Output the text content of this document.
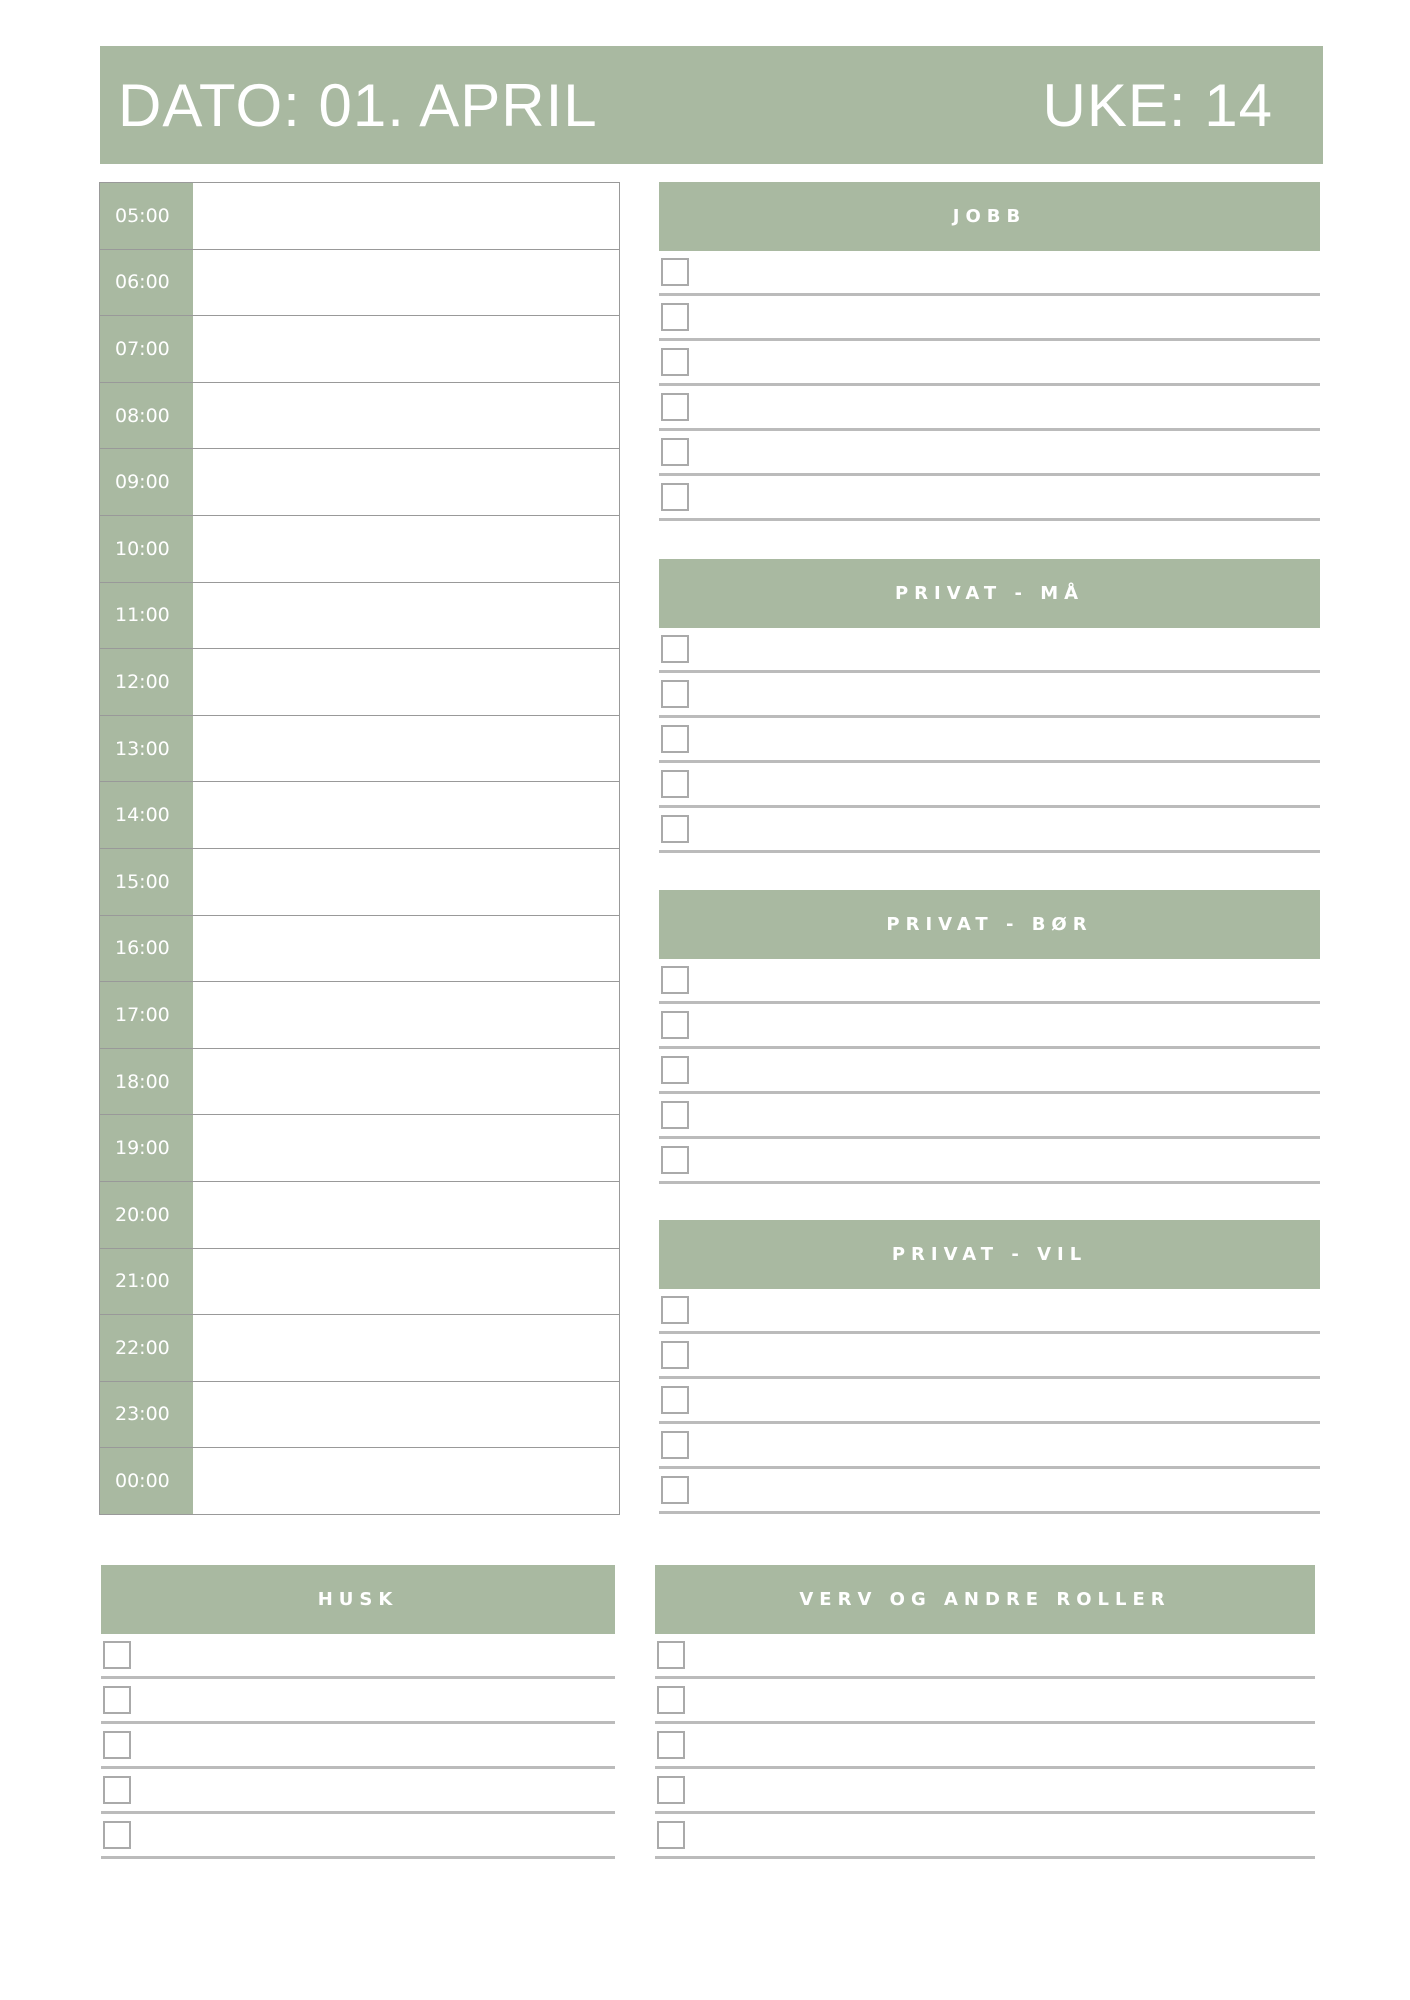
DATO: 01. APRIL	UKE: 14
05:00
06:00
07:00
08:00
09:00
10:00
11:00
12:00
13:00
14:00
15:00
16:00
17:00
18:00
19:00
20:00
21:00
22:00
23:00
00:00
JOBB
PRIVAT - MÅ
PRIVAT - BØR
PRIVAT - VIL
HUSK	VERV OG ANDRE ROLLER
